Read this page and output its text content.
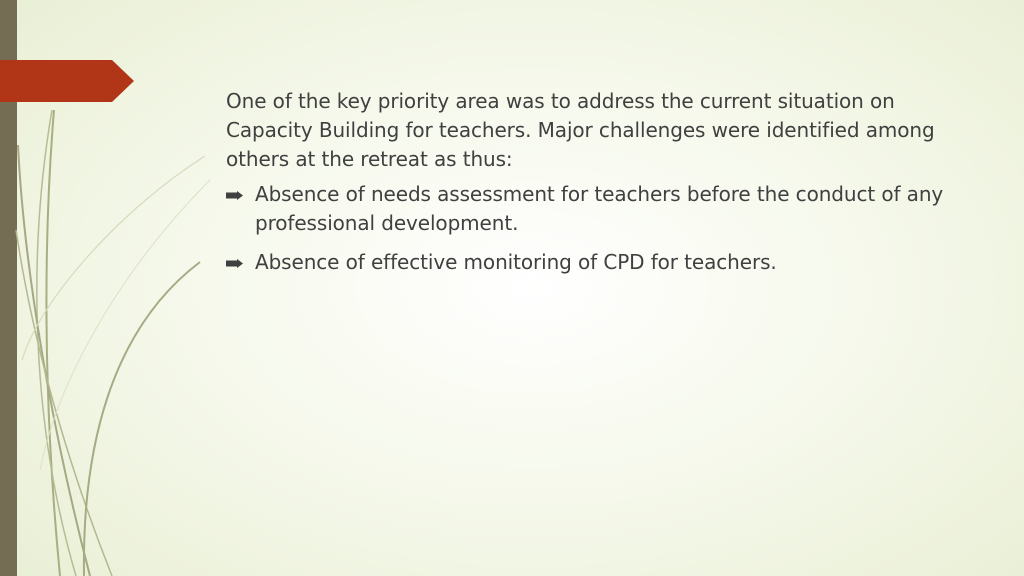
One of the key priority area was to address the current situation on Capacity Building for teachers. Major challenges were identified among others at the retreat as thus:

Absence of needs assessment for teachers before the conduct of any professional development.
Absence of effective monitoring of CPD for teachers.
